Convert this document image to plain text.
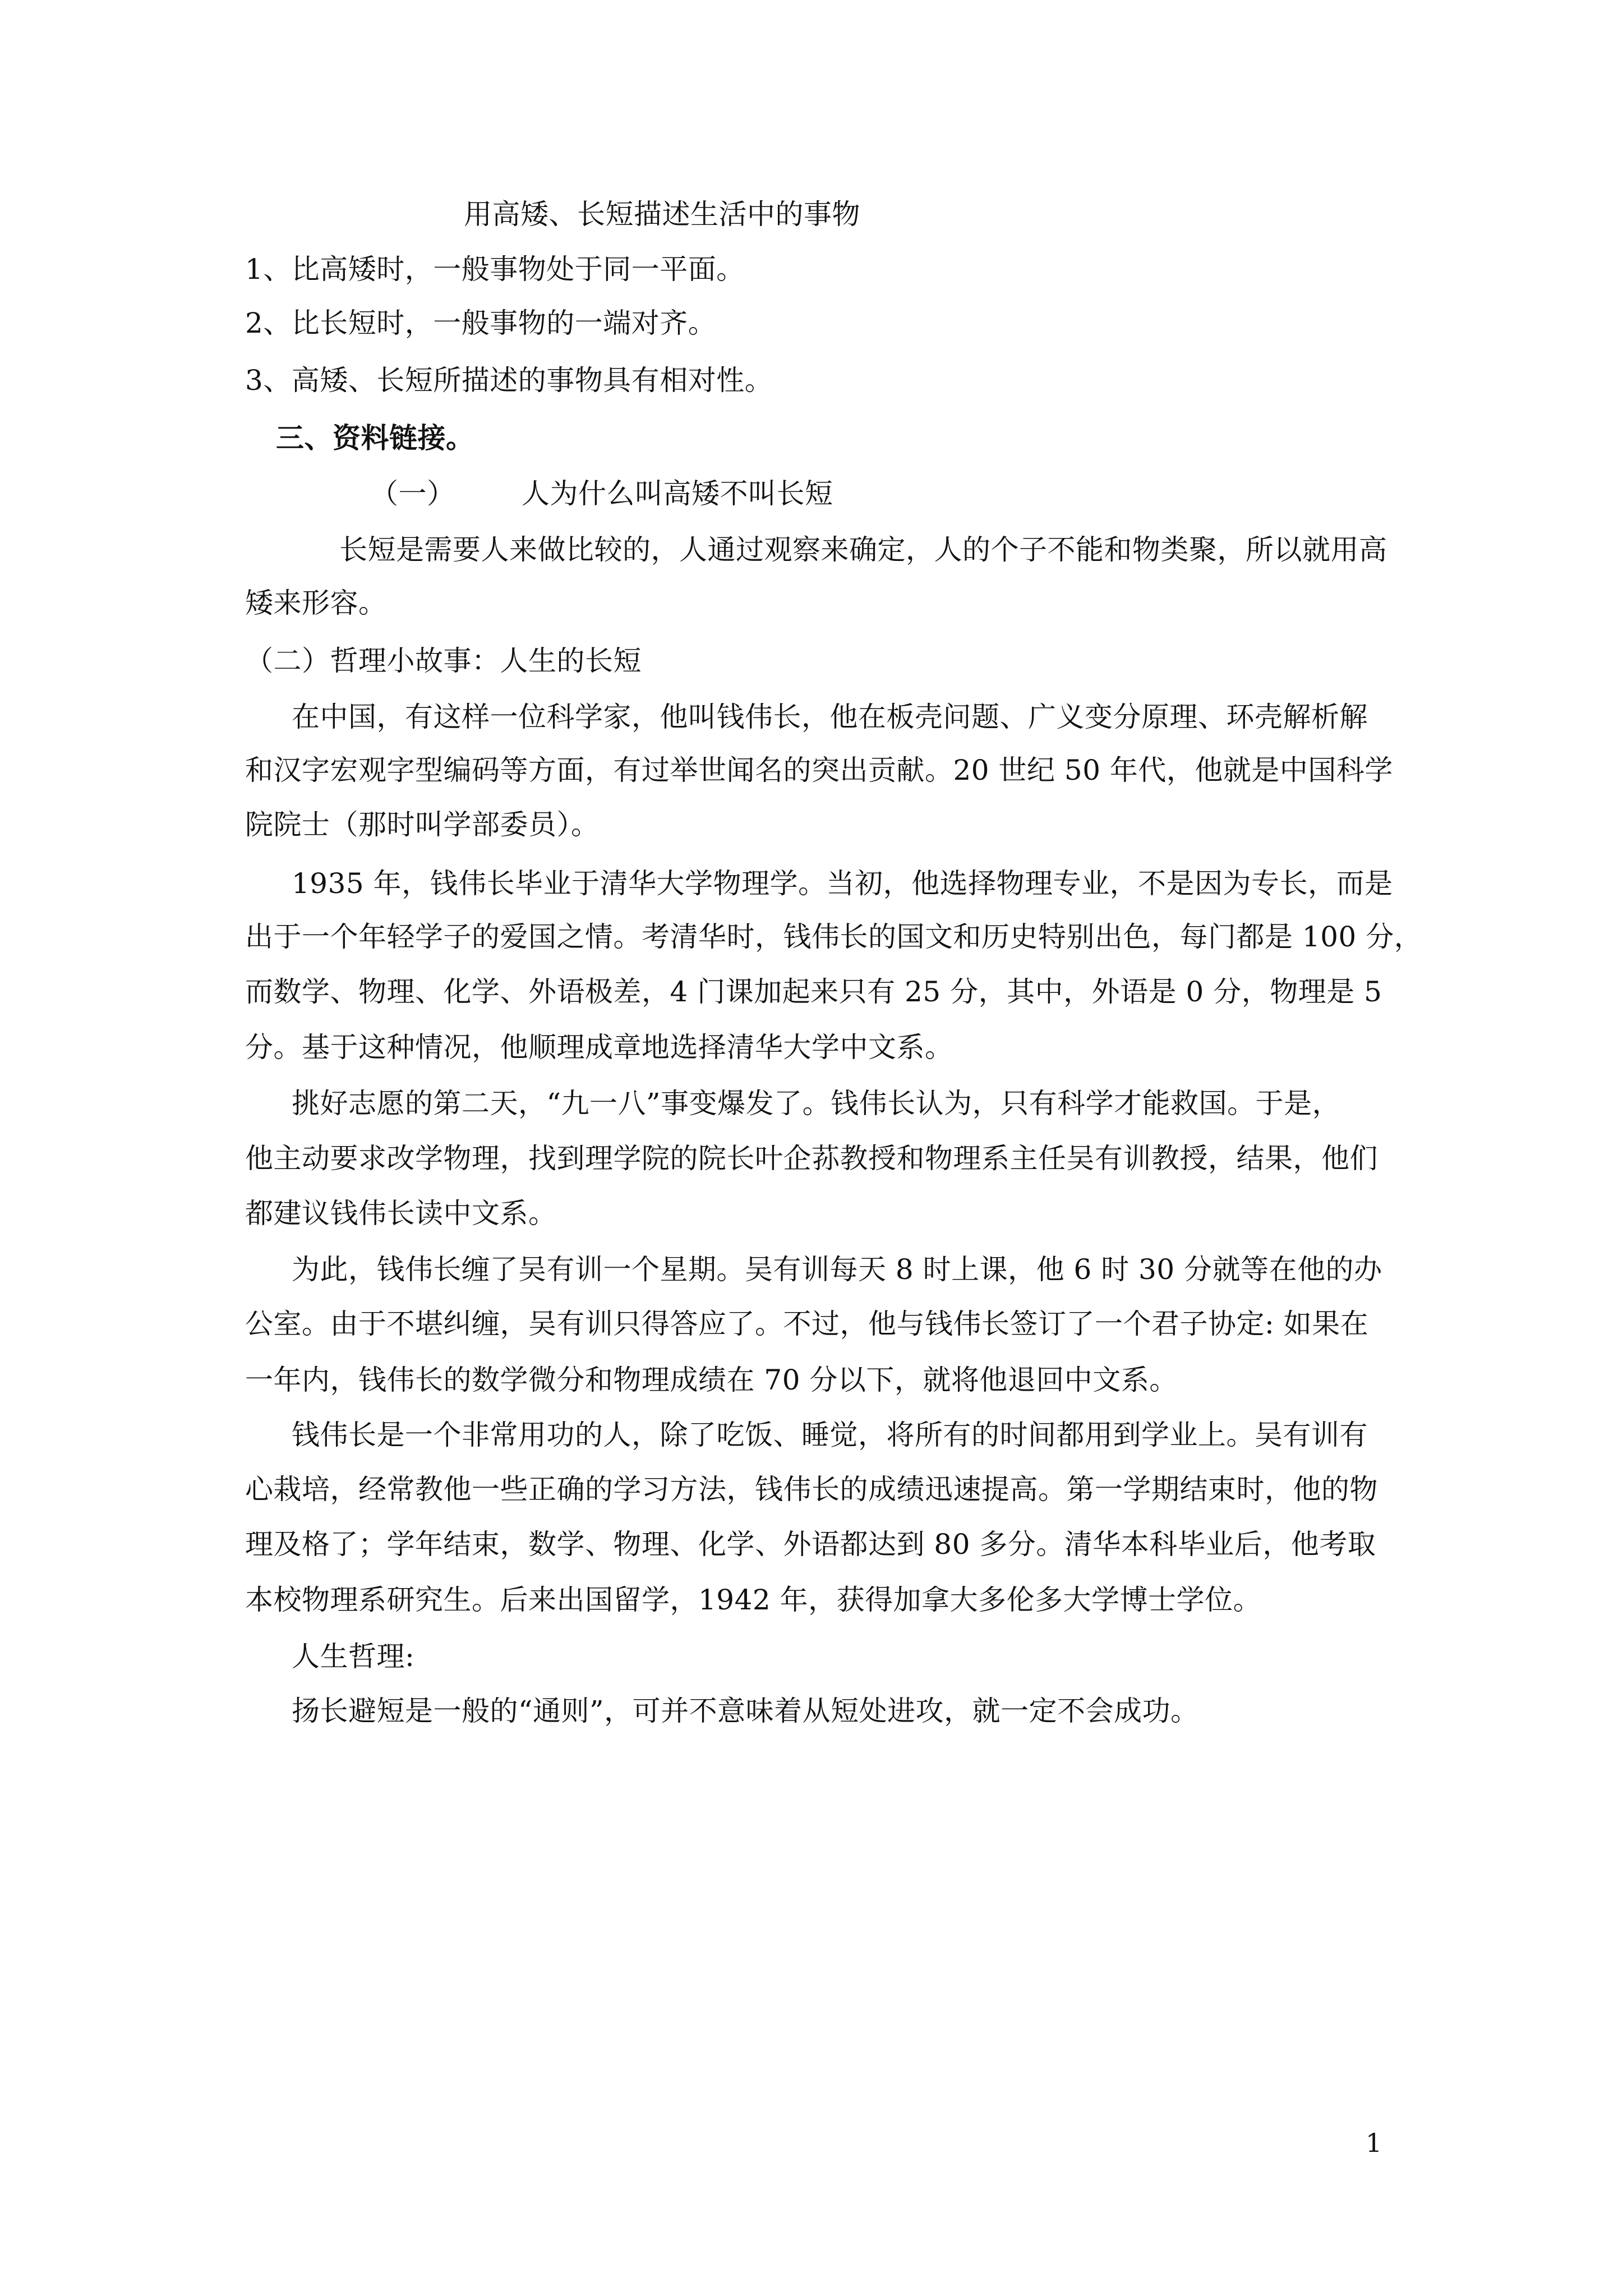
用高矮、长短描述生活中的事物
1、比高矮时，一般事物处于同一平面。
2、比长短时，一般事物的一端对齐。
3、高矮、长短所描述的事物具有相对性。
三、资料链接。
（一） 人为什么叫高矮不叫长短
长短是需要人来做比较的，人通过观察来确定，人的个子不能和物类聚，所以就用高
矮来形容。
（二）哲理小故事：人生的长短
在中国，有这样一位科学家，他叫钱伟长，他在板壳问题、广义变分原理、环壳解析解
和汉字宏观字型编码等方面，有过举世闻名的突出贡献。20 世纪 50 年代，他就是中国科学
院院士（那时叫学部委员）。
1935 年，钱伟长毕业于清华大学物理学。当初，他选择物理专业，不是因为专长，而是
出于一个年轻学子的爱国之情。考清华时，钱伟长的国文和历史特别出色，每门都是 100 分，
而数学、物理、化学、外语极差，4 门课加起来只有 25 分，其中，外语是 0 分，物理是 5
分。基于这种情况，他顺理成章地选择清华大学中文系。
挑好志愿的第二天，“九一八”事变爆发了。钱伟长认为，只有科学才能救国。于是，
他主动要求改学物理，找到理学院的院长叶企荪教授和物理系主任吴有训教授，结果，他们
都建议钱伟长读中文系。
为此，钱伟长缠了吴有训一个星期。吴有训每天 8 时上课，他 6 时 30 分就等在他的办
公室。由于不堪纠缠，吴有训只得答应了。不过，他与钱伟长签订了一个君子协定: 如果在
一年内，钱伟长的数学微分和物理成绩在 70 分以下，就将他退回中文系。
钱伟长是一个非常用功的人，除了吃饭、睡觉，将所有的时间都用到学业上。吴有训有
心栽培，经常教他一些正确的学习方法，钱伟长的成绩迅速提高。第一学期结束时，他的物
理及格了；学年结束，数学、物理、化学、外语都达到 80 多分。清华本科毕业后，他考取
本校物理系研究生。后来出国留学，1942 年，获得加拿大多伦多大学博士学位。
人生哲理:
扬长避短是一般的“通则”，可并不意味着从短处进攻，就一定不会成功。
1
